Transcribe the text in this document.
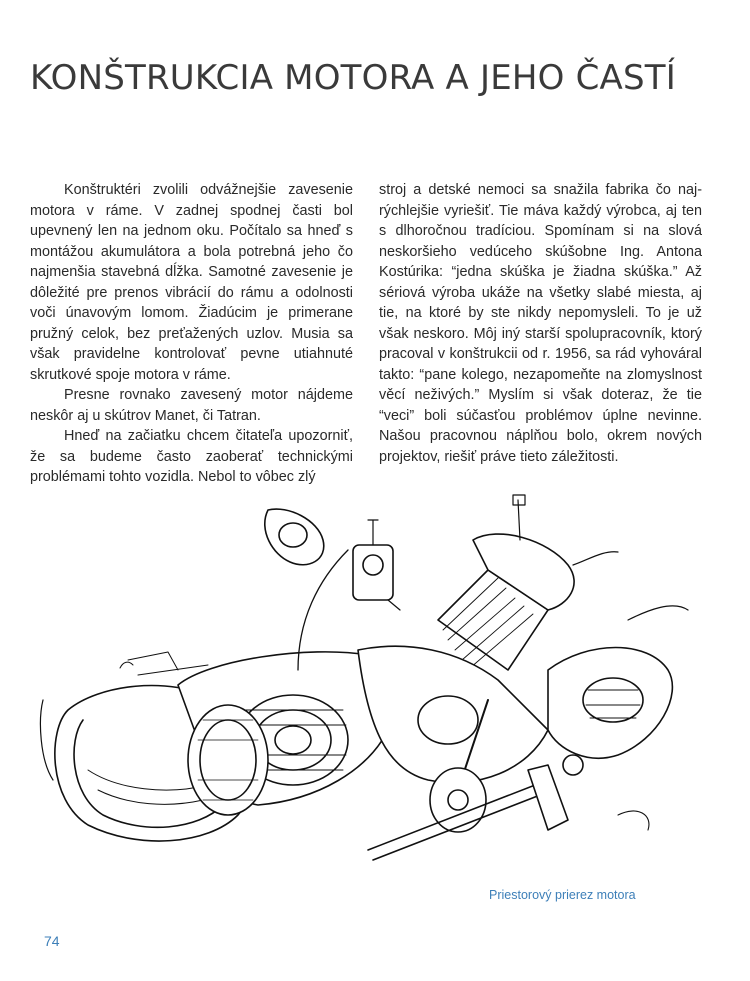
KONŠTRUKCIA MOTORA A JEHO ČASTÍ

Konštruktéri zvolili odvážnejšie zavesenie motora v ráme. V zadnej spodnej časti bol upevnený len na jednom oku. Počítalo sa hneď s montážou akumulátora a bola potrebná jeho čo najmenšia stavebná dĺžka. Samotné zavesenie je dôležité pre prenos vibrácií do rámu a odolnosti voči únavovým lomom. Žiadúcim je primerane pružný celok, bez preťažených uzlov. Musia sa však pravidelne kontrolovať pevne utiahnuté skrutkové spoje motora v ráme.

Presne rovnako zavesený motor nájdeme neskôr aj u skútrov Manet, či Tatran.

Hneď na začiatku chcem čitateľa upozorniť, že sa budeme často zaoberať technickými problémami tohto vozidla. Nebol to vôbec zlý

stroj a detské nemoci sa snažila fabrika čo najrýchlejšie vyriešiť. Tie máva každý výrobca, aj ten s dlhoročnou tradíciou. Spomínam si na slová neskoršieho vedúceho skúšobne Ing. Antona Kostúrika: “jedna skúška je žiadna skúška.” Až sériová výroba ukáže na všetky slabé miesta, aj tie, na ktoré by ste nikdy nepomysleli. To je už však neskoro. Môj iný starší spolupracovník, ktorý pracoval v konštrukcii od r. 1956, sa rád vyhováral takto: “pane kolego, nezapomeňte na zlomyslnost věcí neživých.” Myslím si však doteraz, že tie “veci” boli súčasťou problémov úplne nevinne. Našou pracovnou náplňou bolo, okrem nových projektov, riešiť práve tieto záležitosti.

Priestorový prierez motora
74
